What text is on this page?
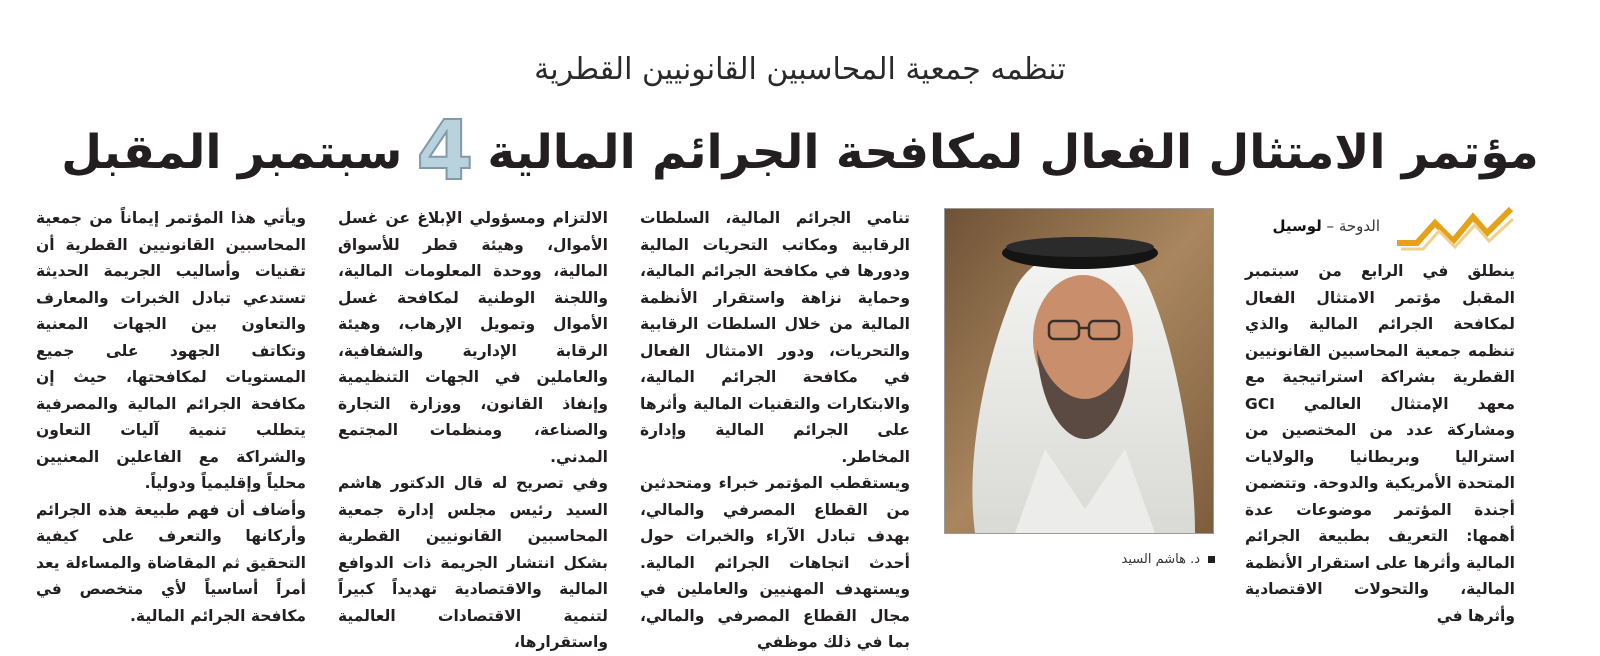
تنظمه جمعية المحاسبين القانونيين القطرية
مؤتمر الامتثال الفعال لمكافحة الجرائم المالية
4
سبتمبر المقبل
الدوحة – لوسيل

ينطلق في الرابع من سبتمبر المقبل مؤتمر الامتثال الفعال لمكافحة الجرائم المالية والذي تنظمه جمعية المحاسبين القانونيين القطرية بشراكة استراتيجية مع معهد الإمتثال العالمي GCI ومشاركة عدد من المختصين من استراليا وبريطانيا والولايات المتحدة الأمريكية والدوحة. وتتضمن أجندة المؤتمر موضوعات عدة أهمها: التعريف بطبيعة الجرائم المالية وأثرها على استقرار الأنظمة المالية، والتحولات الاقتصادية وأثرها في

د. هاشم السيد

تنامي الجرائم المالية، السلطات الرقابية ومكاتب التحريات المالية ودورها في مكافحة الجرائم المالية، وحماية نزاهة واستقرار الأنظمة المالية من خلال السلطات الرقابية والتحريات، ودور الامتثال الفعال في مكافحة الجرائم المالية، والابتكارات والتقنيات المالية وأثرها على الجرائم المالية وإدارة المخاطر.

ويستقطب المؤتمر خبراء ومتحدثين من القطاع المصرفي والمالي، بهدف تبادل الآراء والخبرات حول أحدث اتجاهات الجرائم المالية. ويستهدف المهنيين والعاملين في مجال القطاع المصرفي والمالي، بما في ذلك موظفي

الالتزام ومسؤولي الإبلاغ عن غسل الأموال، وهيئة قطر للأسواق المالية، ووحدة المعلومات المالية، واللجنة الوطنية لمكافحة غسل الأموال وتمويل الإرهاب، وهيئة الرقابة الإدارية والشفافية، والعاملين في الجهات التنظيمية وإنفاذ القانون، ووزارة التجارة والصناعة، ومنظمات المجتمع المدني.

وفي تصريح له قال الدكتور هاشم السيد رئيس مجلس إدارة جمعية المحاسبين القانونيين القطرية بشكل انتشار الجريمة ذات الدوافع المالية والاقتصادية تهديداً كبيراً لتنمية الاقتصادات العالمية واستقرارها،

ويأتي هذا المؤتمر إيماناً من جمعية المحاسبين القانونيين القطرية أن تقنيات وأساليب الجريمة الحديثة تستدعي تبادل الخبرات والمعارف والتعاون بين الجهات المعنية وتكاتف الجهود على جميع المستويات لمكافحتها، حيث إن مكافحة الجرائم المالية والمصرفية يتطلب تنمية آليات التعاون والشراكة مع الفاعلين المعنيين محلياً وإقليمياً ودولياً.

وأضاف أن فهم طبيعة هذه الجرائم وأركانها والتعرف على كيفية التحقيق ثم المقاضاة والمساءلة يعد أمراً أساسياً لأي متخصص في مكافحة الجرائم المالية.
